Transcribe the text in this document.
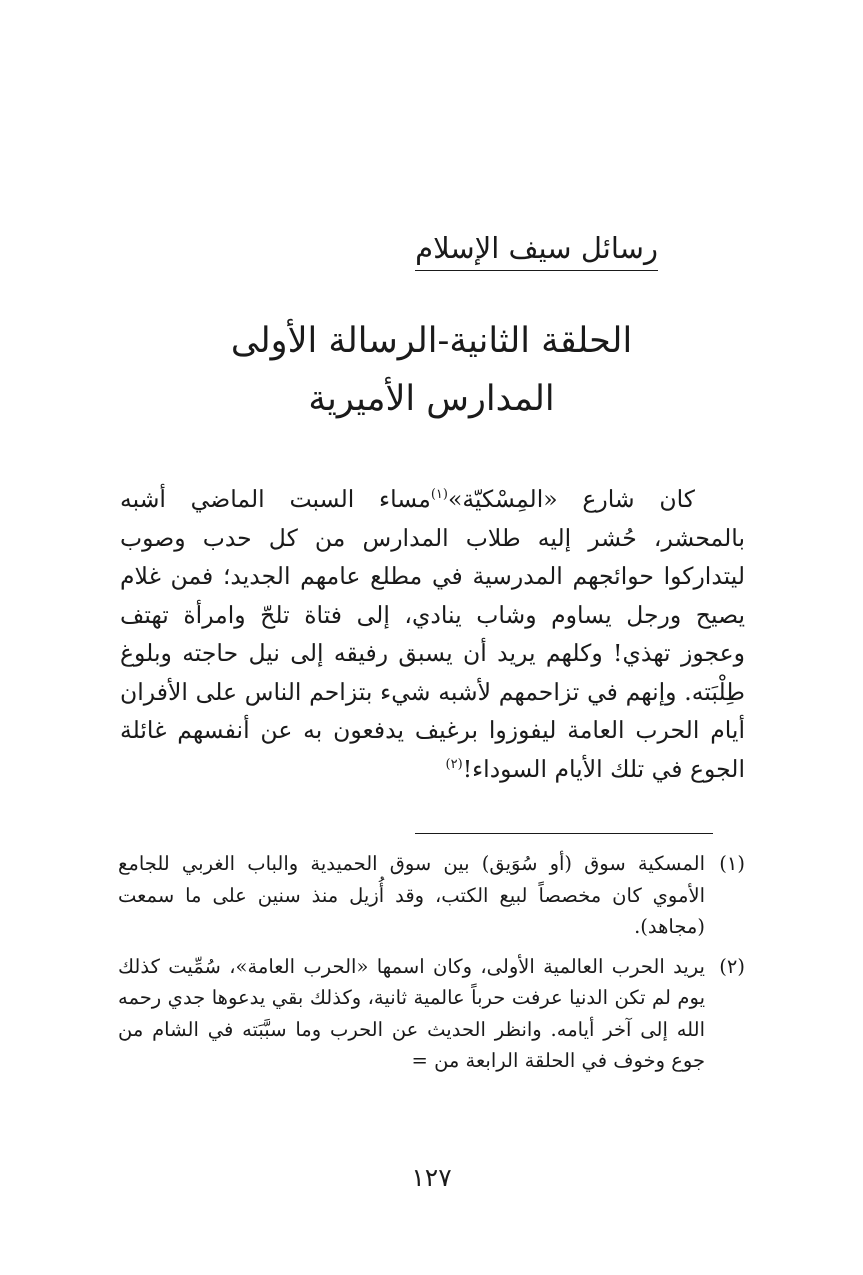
رسائل سيف الإسلام
الحلقة الثانية-الرسالة الأولى
المدارس الأميرية

كان شارع «المِسْكيّة»$^{(١)}$مساء السبت الماضي أشبه بالمحشر، حُشر إليه طلاب المدارس من كل حدب وصوب ليتداركوا حوائجهم المدرسية في مطلع عامهم الجديد؛ فمن غلام يصيح ورجل يساوم وشاب ينادي، إلى فتاة تلحّ وامرأة تهتف وعجوز تهذي! وكلهم يريد أن يسبق رفيقه إلى نيل حاجته وبلوغ طِلْبَته. وإنهم في تزاحمهم لأشبه شيء بتزاحم الناس على الأفران أيام الحرب العامة ليفوزوا برغيف يدفعون به عن أنفسهم غائلة الجوع في تلك الأيام السوداء!$^{(٢)}$

(١)

المسكية سوق (أو سُوَيق) بين سوق الحميدية والباب الغربي للجامع الأموي كان مخصصاً لبيع الكتب، وقد أُزيل منذ سنين على ما سمعت (مجاهد).

(٢)

يريد الحرب العالمية الأولى، وكان اسمها «الحرب العامة»، سُمِّيت كذلك يوم لم تكن الدنيا عرفت حرباً عالمية ثانية، وكذلك بقي يدعوها جدي رحمه الله إلى آخر أيامه. وانظر الحديث عن الحرب وما سبَّبَته في الشام من جوع وخوف في الحلقة الرابعة من =

١٢٧
